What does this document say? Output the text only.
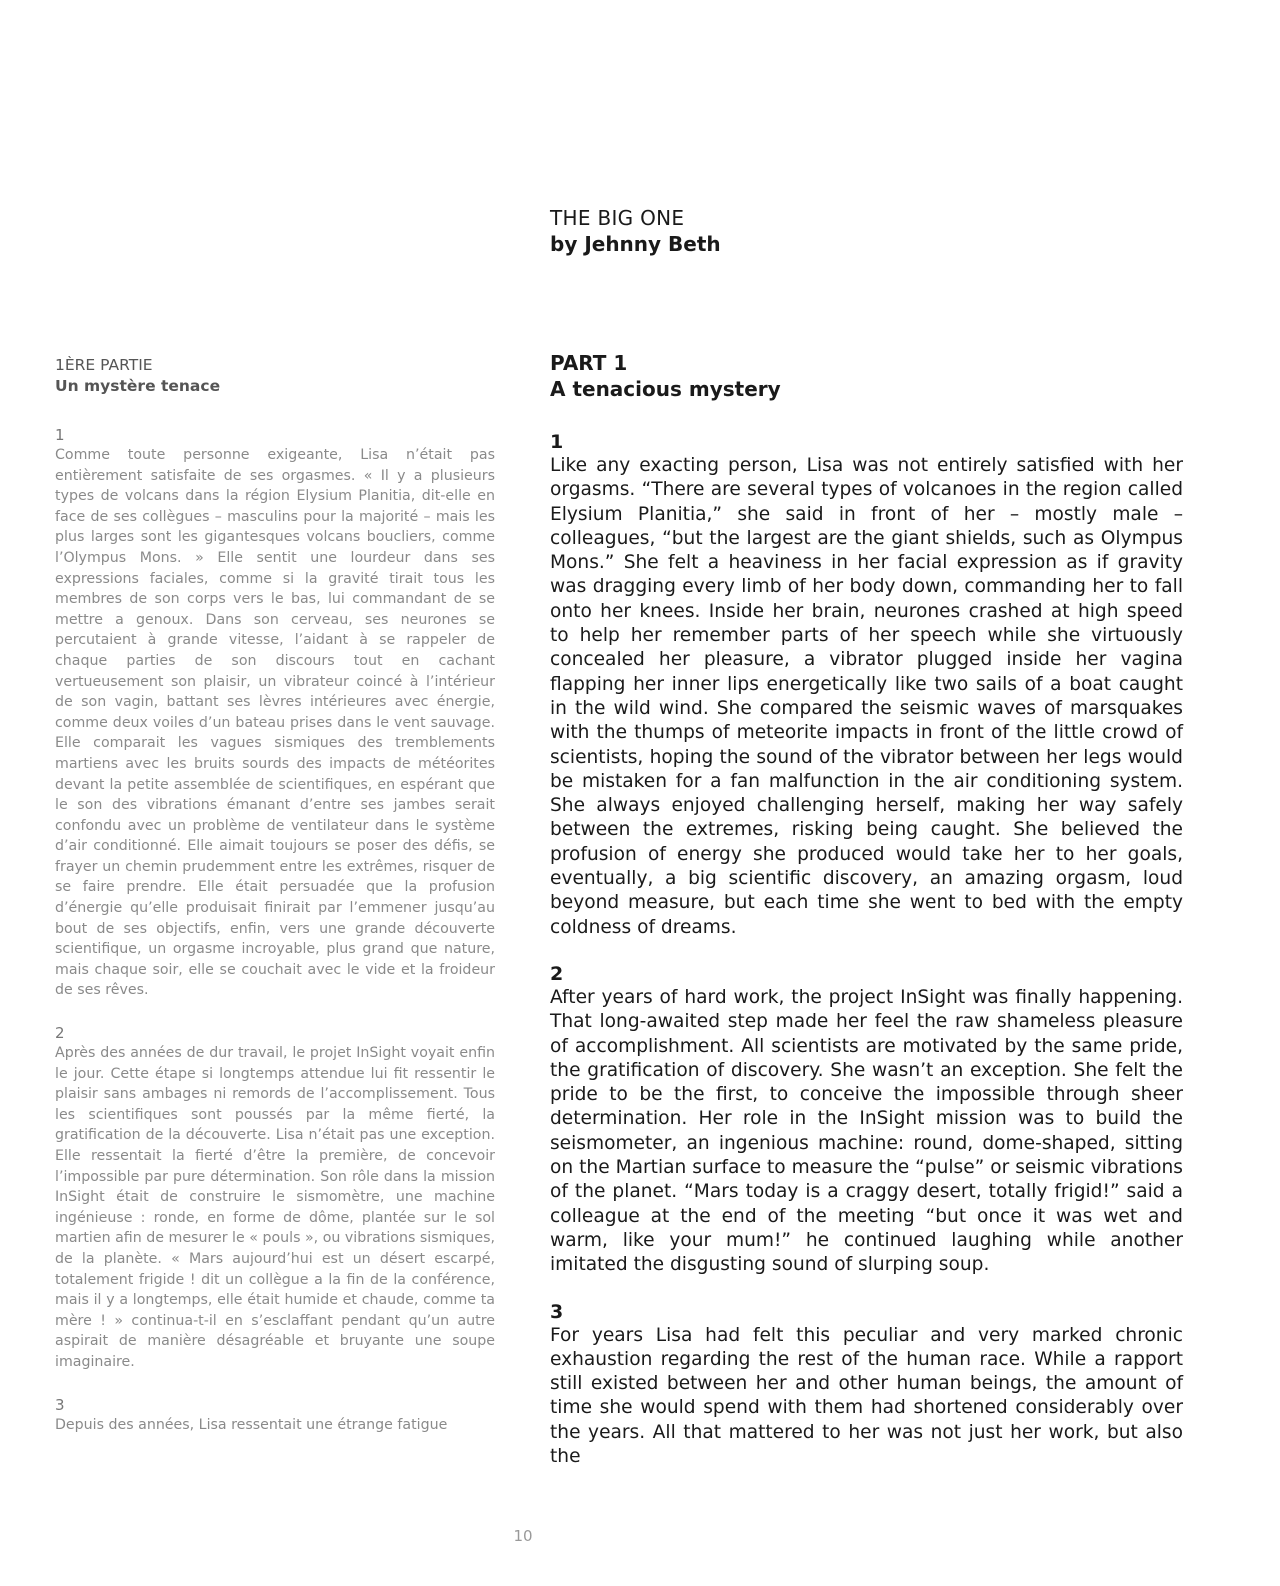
THE BIG ONE

by Jehnny Beth

1ÈRE PARTIE

Un mystère tenace

1

Comme toute personne exigeante, Lisa n’était pas entièrement satisfaite de ses orgasmes. « Il y a plusieurs types de volcans dans la région Elysium Planitia, dit-elle en face de ses collègues – masculins pour la majorité – mais les plus larges sont les gigantesques volcans boucliers, comme l’Olympus Mons. » Elle sentit une lourdeur dans ses expressions faciales, comme si la gravité tirait tous les membres de son corps vers le bas, lui commandant de se mettre a genoux. Dans son cerveau, ses neurones se percutaient à grande vitesse, l’aidant à se rappeler de chaque parties de son discours tout en cachant vertueusement son plaisir, un vibrateur coincé à l’intérieur de son vagin, battant ses lèvres intérieures avec énergie, comme deux voiles d’un bateau prises dans le vent sauvage. Elle comparait les vagues sismiques des tremblements martiens avec les bruits sourds des impacts de météorites devant la petite assemblée de scientifiques, en espérant que le son des vibrations émanant d’entre ses jambes serait confondu avec un problème de ventilateur dans le système d’air conditionné. Elle aimait toujours se poser des défis, se frayer un chemin prudemment entre les extrêmes, risquer de se faire prendre. Elle était persuadée que la profusion d’énergie qu’elle produisait finirait par l’emmener jusqu’au bout de ses objectifs, enfin, vers une grande découverte scientifique, un orgasme incroyable, plus grand que nature, mais chaque soir, elle se couchait avec le vide et la froideur de ses rêves.

2

Après des années de dur travail, le projet InSight voyait enfin le jour. Cette étape si longtemps attendue lui fit ressentir le plaisir sans ambages ni remords de l’accomplissement. Tous les scientifiques sont poussés par la même fierté, la gratification de la découverte. Lisa n’était pas une exception. Elle ressentait la fierté d’être la première, de concevoir l’impossible par pure détermination. Son rôle dans la mission InSight était de construire le sismomètre, une machine ingénieuse : ronde, en forme de dôme, plantée sur le sol martien afin de mesurer le « pouls », ou vibrations sismiques, de la planète. « Mars aujourd’hui est un désert escarpé, totalement frigide ! dit un collègue a la fin de la conférence, mais il y a longtemps, elle était humide et chaude, comme ta mère ! » continua-t-il en s’esclaffant pendant qu’un autre aspirait de manière désagréable et bruyante une soupe imaginaire.

3

Depuis des années, Lisa ressentait une étrange fatigue

PART 1

A tenacious mystery

1

Like any exacting person, Lisa was not entirely satisfied with her orgasms. “There are several types of volcanoes in the region called Elysium Planitia,” she said in front of her – mostly male – colleagues, “but the largest are the giant shields, such as Olympus Mons.” She felt a heaviness in her facial expression as if gravity was dragging every limb of her body down, commanding her to fall onto her knees. Inside her brain, neurones crashed at high speed to help her remember parts of her speech while she virtuously concealed her pleasure, a vibrator plugged inside her vagina flapping her inner lips energetically like two sails of a boat caught in the wild wind. She compared the seismic waves of marsquakes with the thumps of meteorite impacts in front of the little crowd of scientists, hoping the sound of the vibrator between her legs would be mistaken for a fan malfunction in the air conditioning system. She always enjoyed challenging herself, making her way safely between the extremes, risking being caught. She believed the profusion of energy she produced would take her to her goals, eventually, a big scientific discovery, an amazing orgasm, loud beyond measure, but each time she went to bed with the empty coldness of dreams.

2

After years of hard work, the project InSight was finally happening. That long-awaited step made her feel the raw shameless pleasure of accomplishment. All scientists are motivated by the same pride, the gratification of discovery. She wasn’t an exception. She felt the pride to be the first, to conceive the impossible through sheer determination. Her role in the InSight mission was to build the seismometer, an ingenious machine: round, dome-shaped, sitting on the Martian surface to measure the “pulse” or seismic vibrations of the planet. “Mars today is a craggy desert, totally frigid!” said a colleague at the end of the meeting “but once it was wet and warm, like your mum!” he continued laughing while another imitated the disgusting sound of slurping soup.

3

For years Lisa had felt this peculiar and very marked chronic exhaustion regarding the rest of the human race. While a rapport still existed between her and other human beings, the amount of time she would spend with them had shortened considerably over the years. All that mattered to her was not just her work, but also the

10
